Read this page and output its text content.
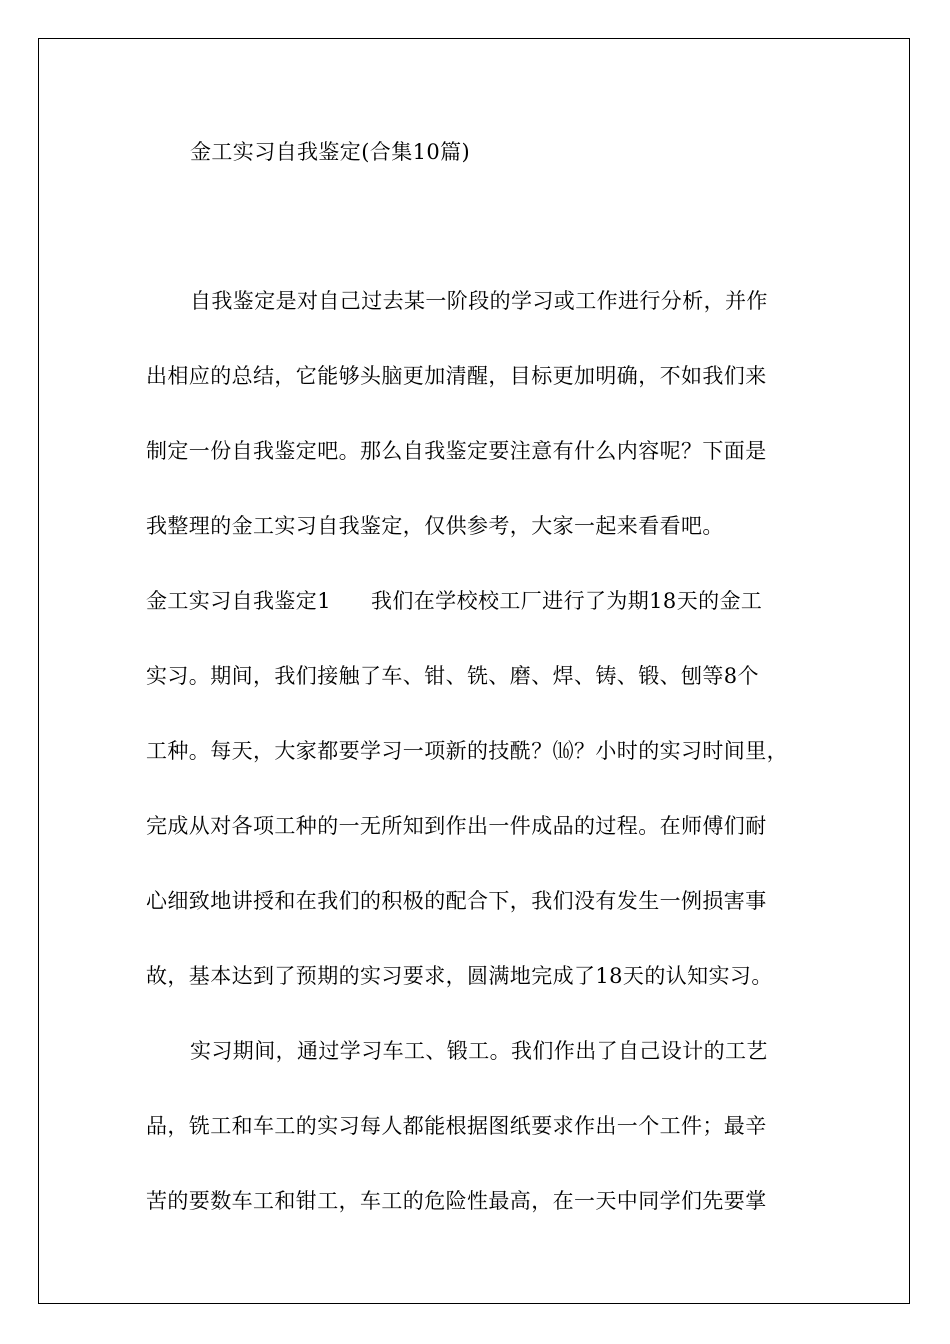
金工实习自我鉴定(合集10篇)
自我鉴定是对自己过去某一阶段的学习或工作进行分析，并作
出相应的总结，它能够头脑更加清醒，目标更加明确，不如我们来
制定一份自我鉴定吧。那么自我鉴定要注意有什么内容呢？下面是
我整理的金工实习自我鉴定，仅供参考，大家一起来看看吧。
金工实习自我鉴定1 我们在学校校工厂进行了为期18天的金工
实习。期间，我们接触了车、钳、铣、磨、焊、铸、锻、刨等8个
工种。每天，大家都要学习一项新的技酰？⒃？小时的实习时间里，
完成从对各项工种的一无所知到作出一件成品的过程。在师傅们耐
心细致地讲授和在我们的积极的配合下，我们没有发生一例损害事
故，基本达到了预期的实习要求，圆满地完成了18天的认知实习。
实习期间，通过学习车工、锻工。我们作出了自己设计的工艺
品，铣工和车工的实习每人都能根据图纸要求作出一个工件；最辛
苦的要数车工和钳工，车工的危险性最高，在一天中同学们先要掌
